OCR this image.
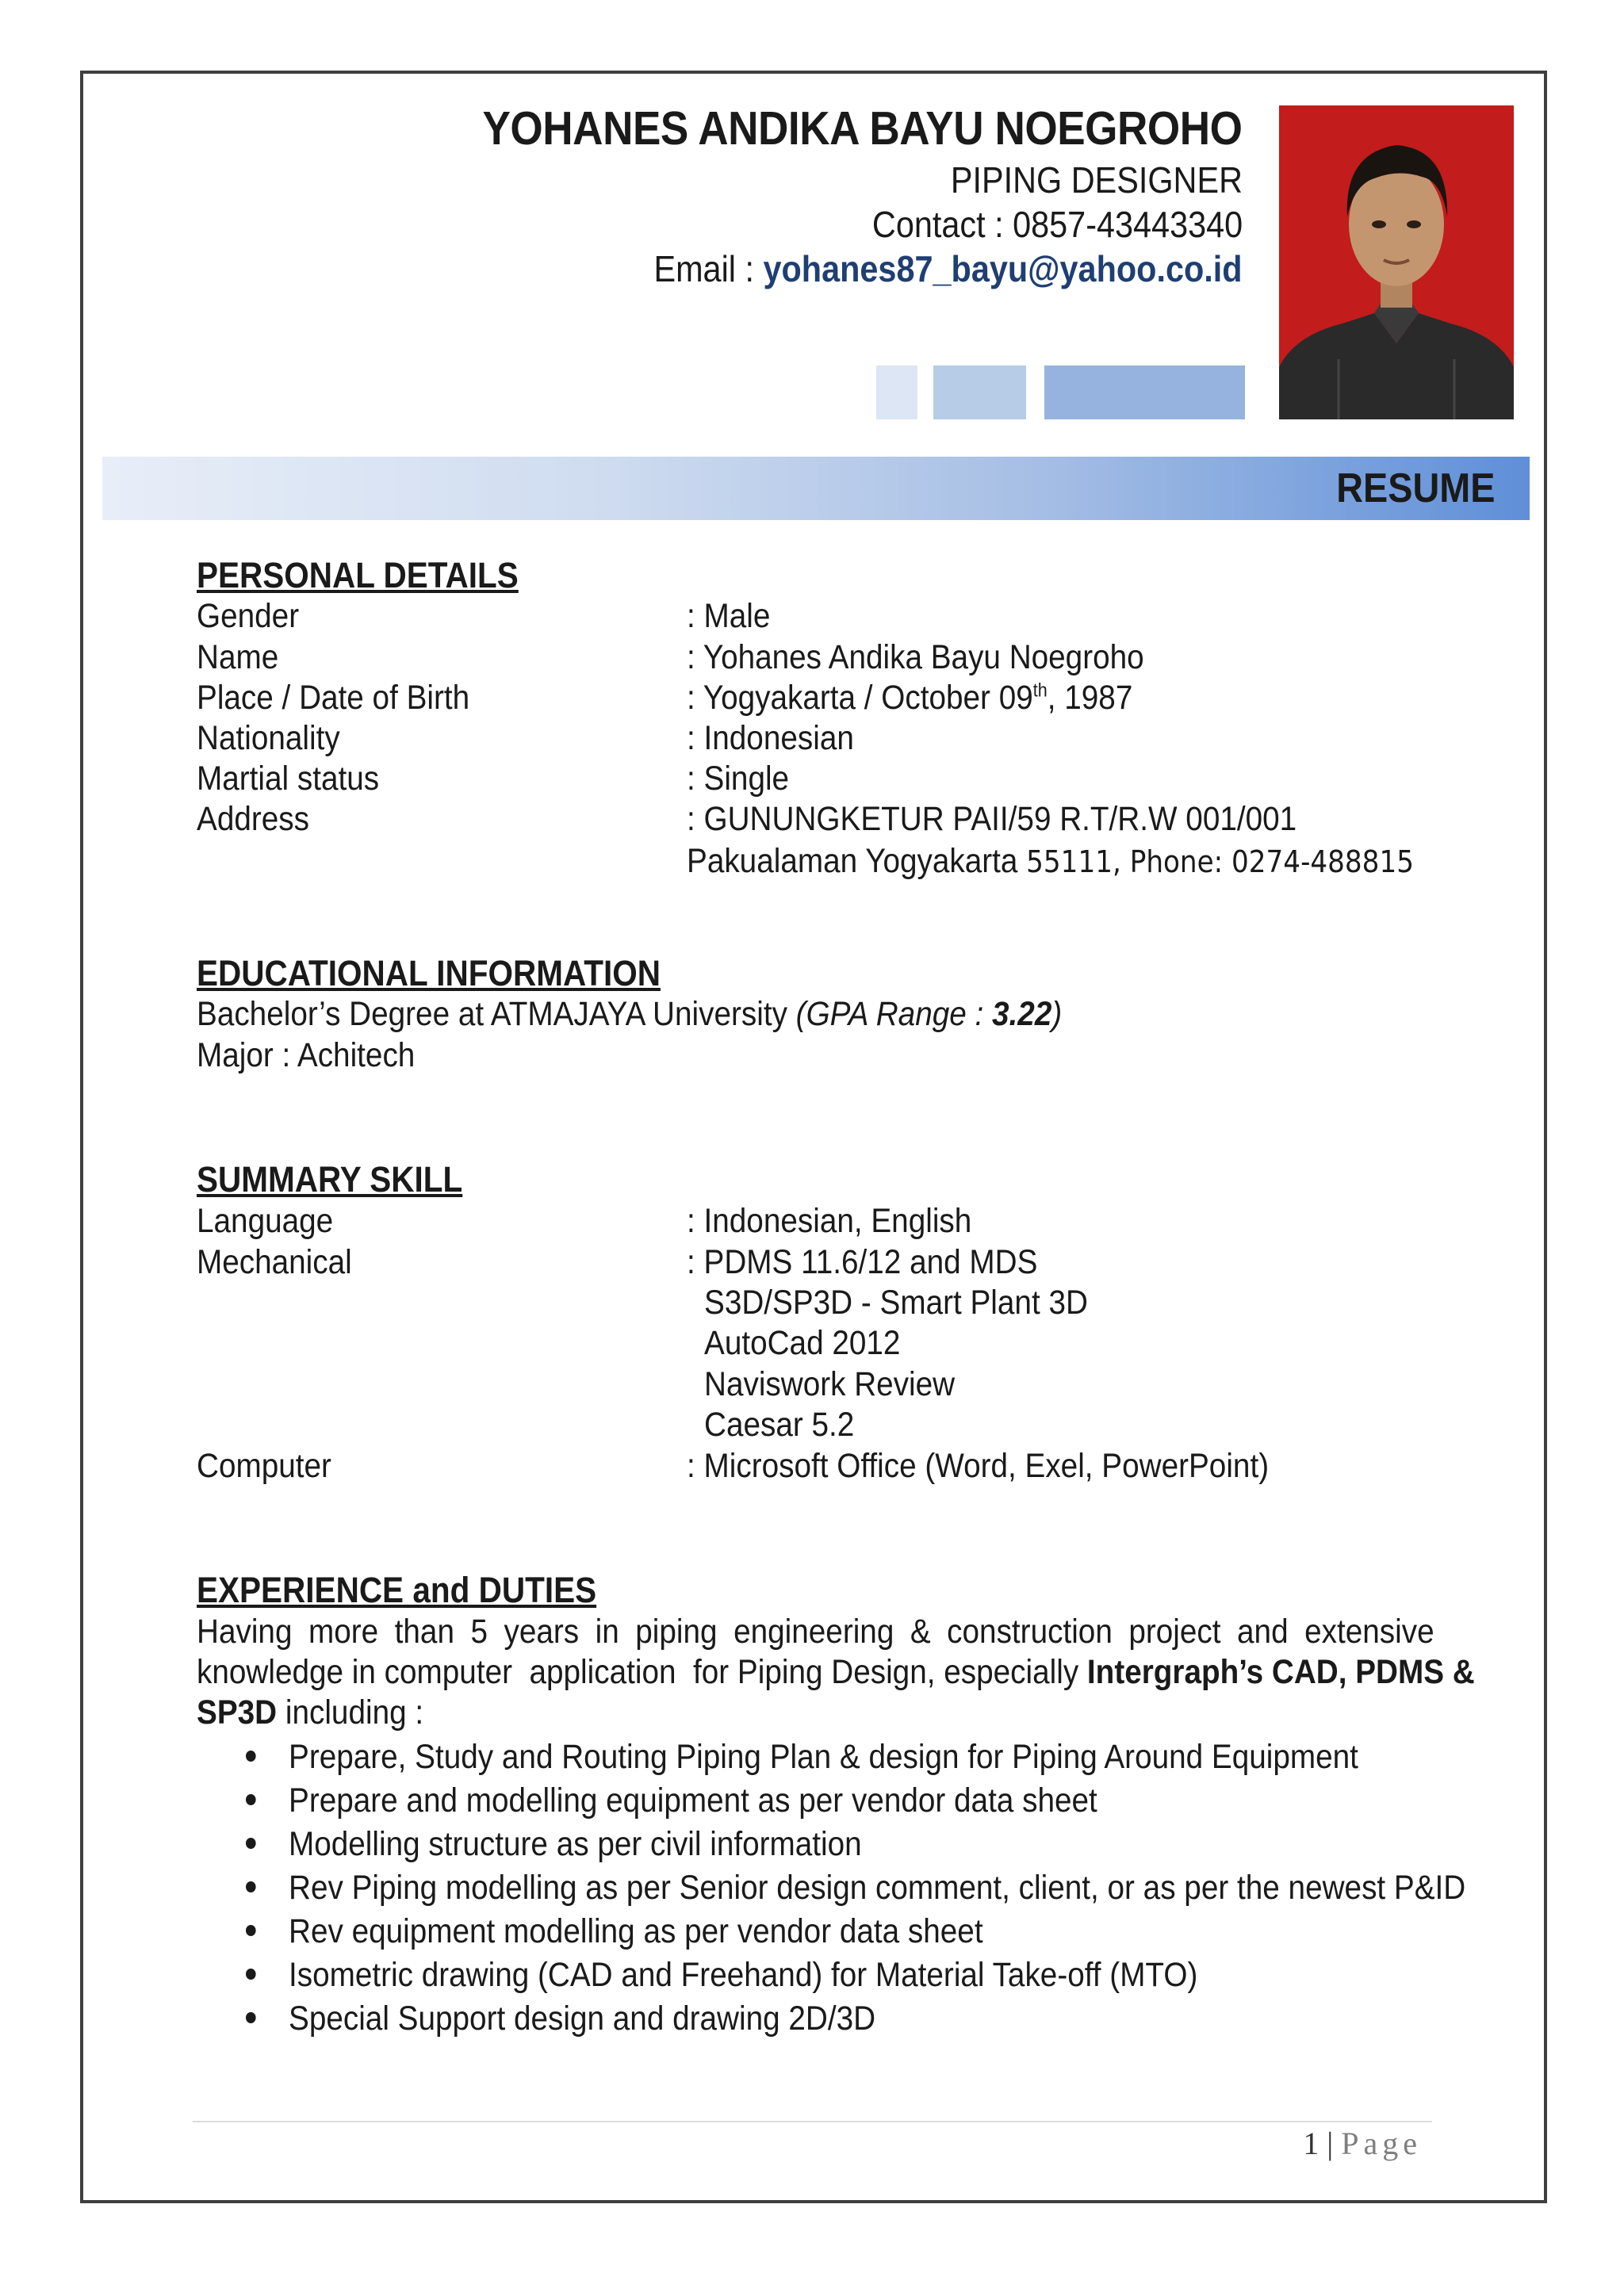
YOHANES ANDIKA BAYU NOEGROHO
PIPING DESIGNER
Contact : 0857-43443340
Email : yohanes87_bayu@yahoo.co.id
RESUME
PERSONAL DETAILS
Gender	: Male
Name	: Yohanes Andika Bayu Noegroho
Place / Date of Birth	: Yogyakarta / October 09th, 1987
Nationality	: Indonesian
Martial status	: Single
Address	: GUNUNGKETUR PAII/59 R.T/R.W 001/001
Pakualaman Yogyakarta 55111, Phone: 0274-488815
EDUCATIONAL INFORMATION
Bachelor’s Degree at ATMAJAYA University (GPA Range : 3.22)
Major : Achitech
SUMMARY SKILL
Language	: Indonesian, English
Mechanical	: PDMS 11.6/12 and MDS
S3D/SP3D - Smart Plant 3D
AutoCad 2012
Naviswork Review
Caesar 5.2
Computer	: Microsoft Office (Word, Exel, PowerPoint)
EXPERIENCE and DUTIES
Having more than 5 years in piping engineering & construction project and extensive
knowledge in computer  application  for Piping Design, especially Intergraph’s CAD, PDMS &
SP3D including :
Prepare, Study and Routing Piping Plan & design for Piping Around Equipment
Prepare and modelling equipment as per vendor data sheet
Modelling structure as per civil information
Rev Piping modelling as per Senior design comment, client, or as per the newest P&ID
Rev equipment modelling as per vendor data sheet
Isometric drawing (CAD and Freehand) for Material Take-off (MTO)
Special Support design and drawing 2D/3D
1 | Page
